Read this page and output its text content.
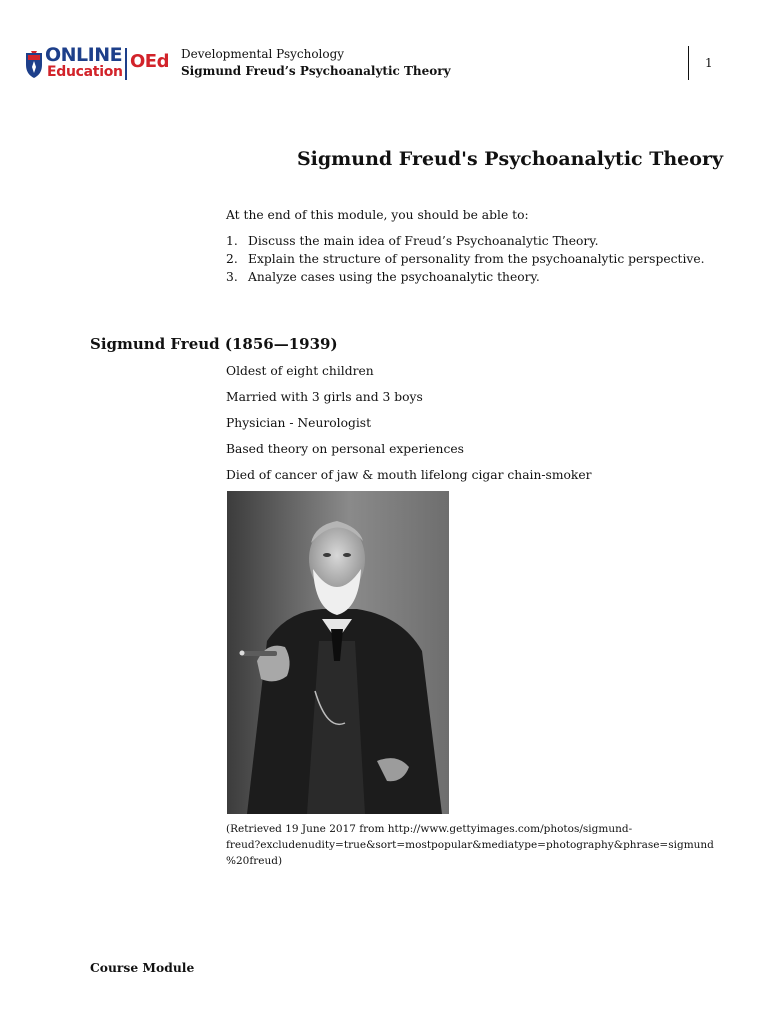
ONLINE
Education OEd Developmental Psychology
Sigmund Freud’s Psychoanalytic Theory
1
Sigmund Freud's Psychoanalytic Theory
At the end of this module, you should be able to:
1. Discuss the main idea of Freud’s Psychoanalytic Theory.
2. Explain the structure of personality from the psychoanalytic perspective.
3. Analyze cases using the psychoanalytic theory.
Sigmund Freud (1856—1939)
Oldest of eight children
Married with 3 girls and 3 boys
Physician - Neurologist
Based theory on personal experiences
Died of cancer of jaw & mouth lifelong cigar chain-smoker
(Retrieved 19 June 2017 from http://www.gettyimages.com/photos/sigmund-
freud?excludenudity=true&sort=mostpopular&mediatype=photography&phrase=sigmund
%20freud)
Course Module
